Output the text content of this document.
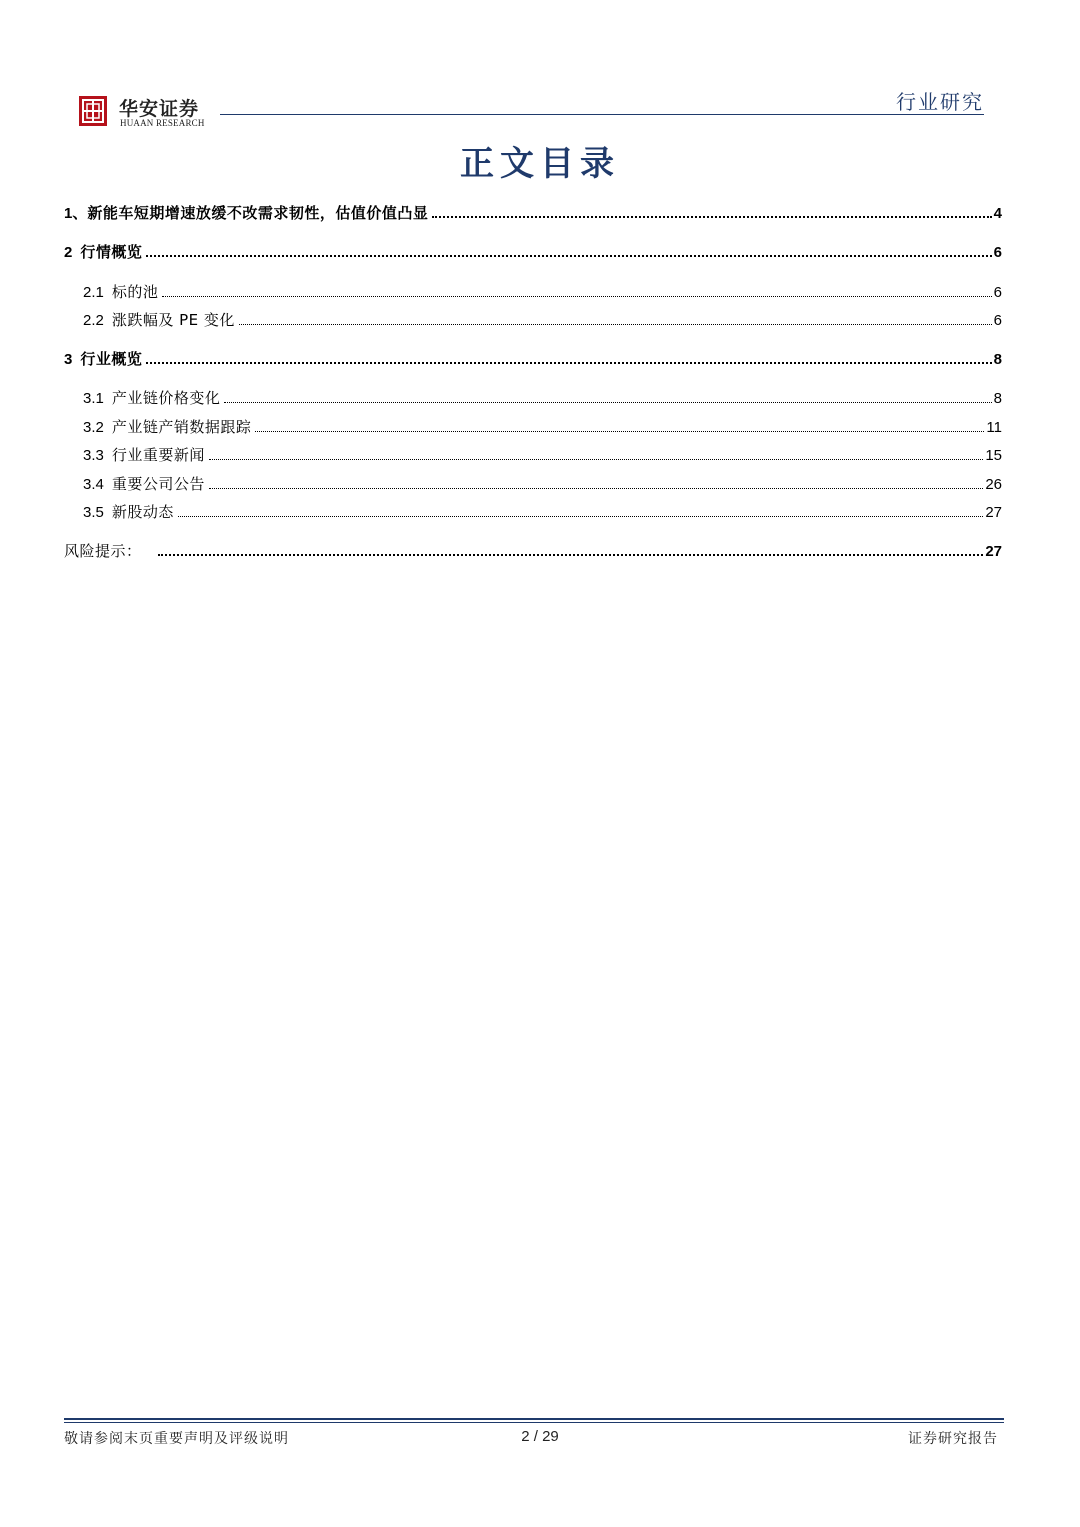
华安证券
HUAAN RESEARCH
行业研究
正文目录
1、 新能车短期增速放缓不改需求韧性，估值价值凸显	4
2 行情概览	6
2.1 标的池	6
2.2 涨跌幅及 PE 变化	6
3 行业概览	8
3.1 产业链价格变化	8
3.2 产业链产销数据跟踪	11
3.3 行业重要新闻	15
3.4 重要公司公告	26
3.5 新股动态	27
风险提示：	27
敬请参阅末页重要声明及评级说明	2 / 29	证券研究报告
